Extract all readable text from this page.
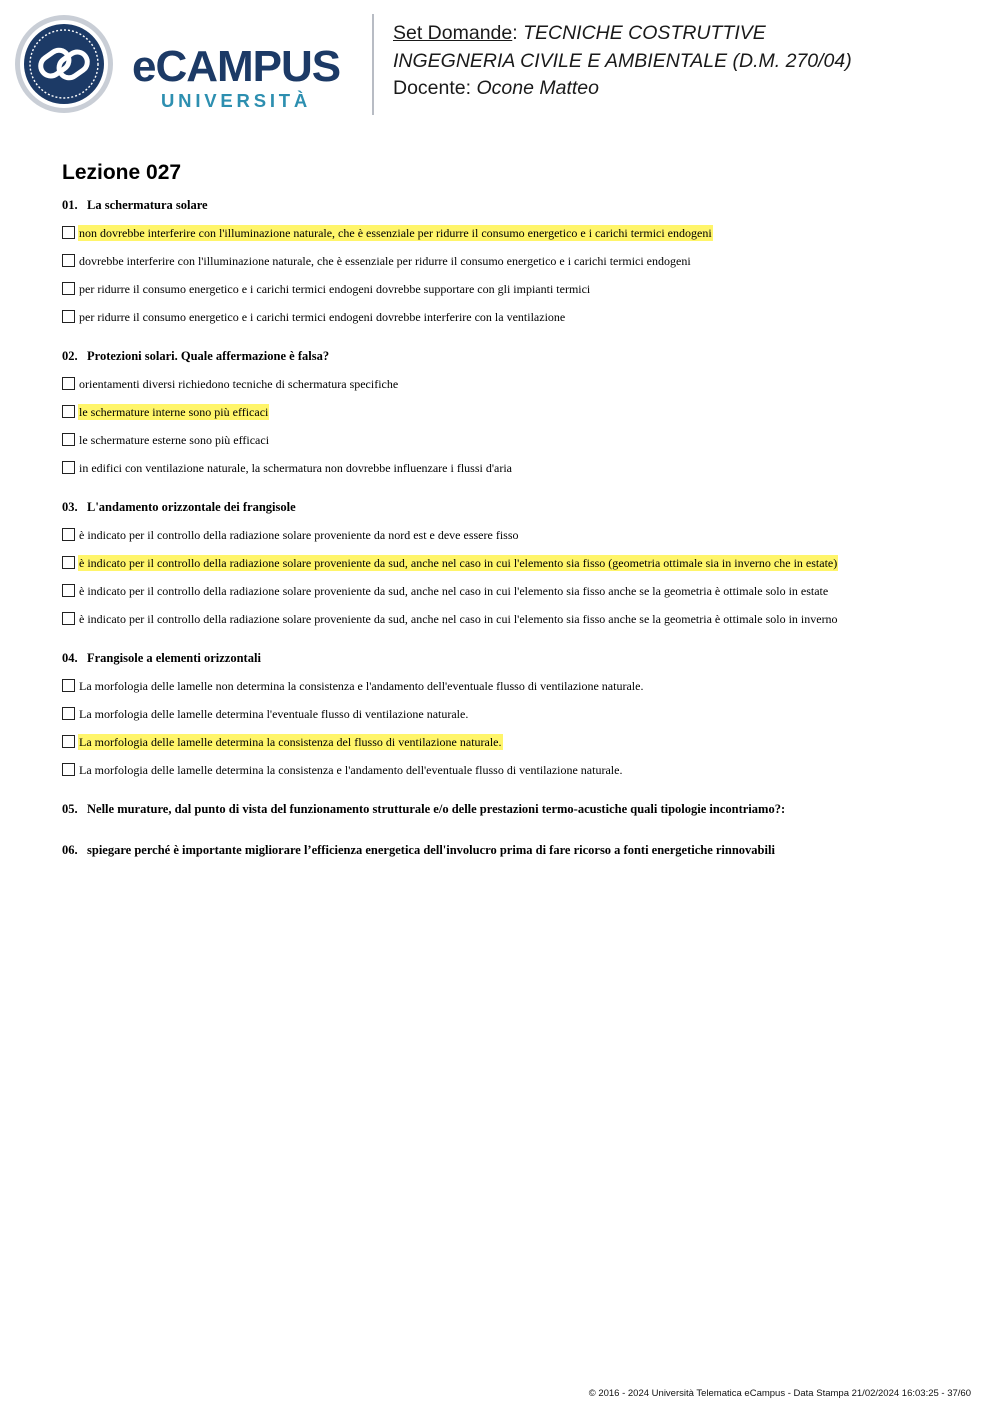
eCAMPUS
UNIVERSITÀ
Set Domande: TECNICHE COSTRUTTIVE
INGEGNERIA CIVILE E AMBIENTALE (D.M. 270/04)
Docente: Ocone Matteo
Lezione 027
01. La schermatura solare
non dovrebbe interferire con l'illuminazione naturale, che è essenziale per ridurre il consumo energetico e i carichi termici endogeni
dovrebbe interferire con l'illuminazione naturale, che è essenziale per ridurre il consumo energetico e i carichi termici endogeni
per ridurre il consumo energetico e i carichi termici endogeni dovrebbe supportare con gli impianti termici
per ridurre il consumo energetico e i carichi termici endogeni dovrebbe interferire con la ventilazione
02. Protezioni solari. Quale affermazione è falsa?
orientamenti diversi richiedono tecniche di schermatura specifiche
le schermature interne sono più efficaci
le schermature esterne sono più efficaci
in edifici con ventilazione naturale, la schermatura non dovrebbe influenzare i flussi d'aria
03. L'andamento orizzontale dei frangisole
è indicato per il controllo della radiazione solare proveniente da nord est e deve essere fisso
è indicato per il controllo della radiazione solare proveniente da sud, anche nel caso in cui l'elemento sia fisso (geometria ottimale sia in inverno che in estate)
è indicato per il controllo della radiazione solare proveniente da sud, anche nel caso in cui l'elemento sia fisso anche se la geometria è ottimale solo in estate
è indicato per il controllo della radiazione solare proveniente da sud, anche nel caso in cui l'elemento sia fisso anche se la geometria è ottimale solo in inverno
04. Frangisole a elementi orizzontali
La morfologia delle lamelle non determina la consistenza e l'andamento dell'eventuale flusso di ventilazione naturale.
La morfologia delle lamelle determina l'eventuale flusso di ventilazione naturale.
La morfologia delle lamelle determina la consistenza del flusso di ventilazione naturale.
La morfologia delle lamelle determina la consistenza e l'andamento dell'eventuale flusso di ventilazione naturale.
05. Nelle murature, dal punto di vista del funzionamento strutturale e/o delle prestazioni termo-acustiche quali tipologie incontriamo?:
06. spiegare perché è importante migliorare l’efficienza energetica dell'involucro prima di fare ricorso a fonti energetiche rinnovabili
© 2016 - 2024 Università Telematica eCampus - Data Stampa 21/02/2024 16:03:25 - 37/60
